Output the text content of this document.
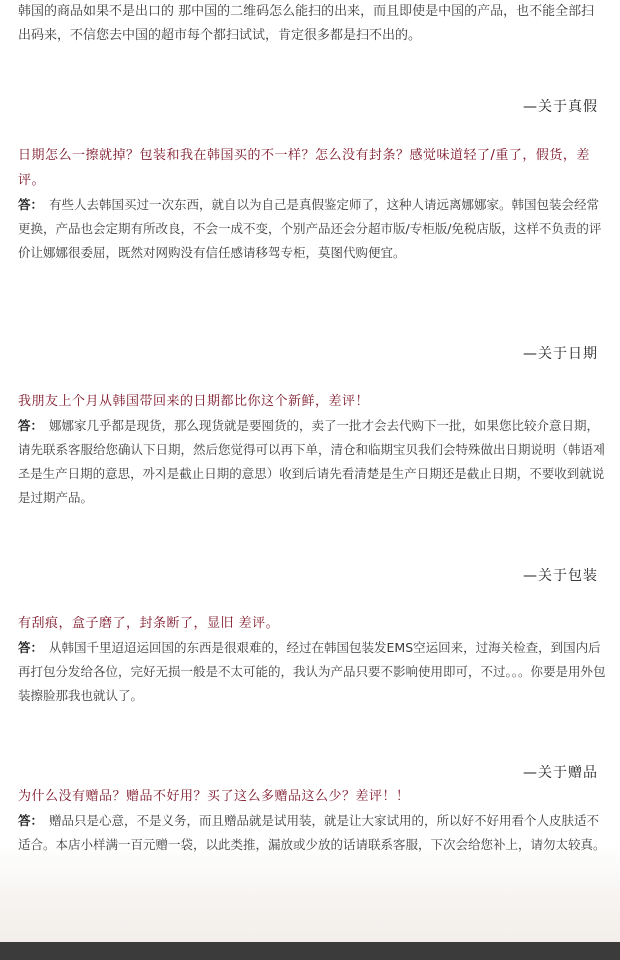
韩国的商品如果不是出口的 那中国的二维码怎么能扫的出来，而且即使是中国的产品，也不能全部扫出码来，不信您去中国的超市每个都扫试试，肯定很多都是扫不出的。
—关于真假
日期怎么一擦就掉？包装和我在韩国买的不一样？怎么没有封条？感觉味道轻了/重了，假货，差评。
答： 有些人去韩国买过一次东西，就自以为自己是真假鉴定师了，这种人请远离娜娜家。韩国包装会经常更换，产品也会定期有所改良，不会一成不变，个别产品还会分超市版/专柜版/免税店版，这样不负责的评价让娜娜很委屈，既然对网购没有信任感请移驾专柜，莫图代购便宜。
—关于日期
我朋友上个月从韩国带回来的日期都比你这个新鲜，差评！
答： 娜娜家几乎都是现货，那么现货就是要囤货的，卖了一批才会去代购下一批，如果您比较介意日期，请先联系客服给您确认下日期，然后您觉得可以再下单，清仓和临期宝贝我们会特殊做出日期说明（韩语제조是生产日期的意思，까지是截止日期的意思）收到后请先看清楚是生产日期还是截止日期，不要收到就说是过期产品。
—关于包装
有刮痕，盒子磨了，封条断了，显旧 差评。
答： 从韩国千里迢迢运回国的东西是很艰难的，经过在韩国包装发EMS空运回来，过海关检查，到国内后再打包分发给各位，完好无损一般是不太可能的，我认为产品只要不影响使用即可，不过。。。你要是用外包装擦脸那我也就认了。
—关于赠品
为什么没有赠品？赠品不好用？买了这么多赠品这么少？差评！！
答： 赠品只是心意，不是义务，而且赠品就是试用装，就是让大家试用的，所以好不好用看个人皮肤适不适合。本店小样满一百元赠一袋，以此类推，漏放或少放的话请联系客服，下次会给您补上，请勿太较真。
